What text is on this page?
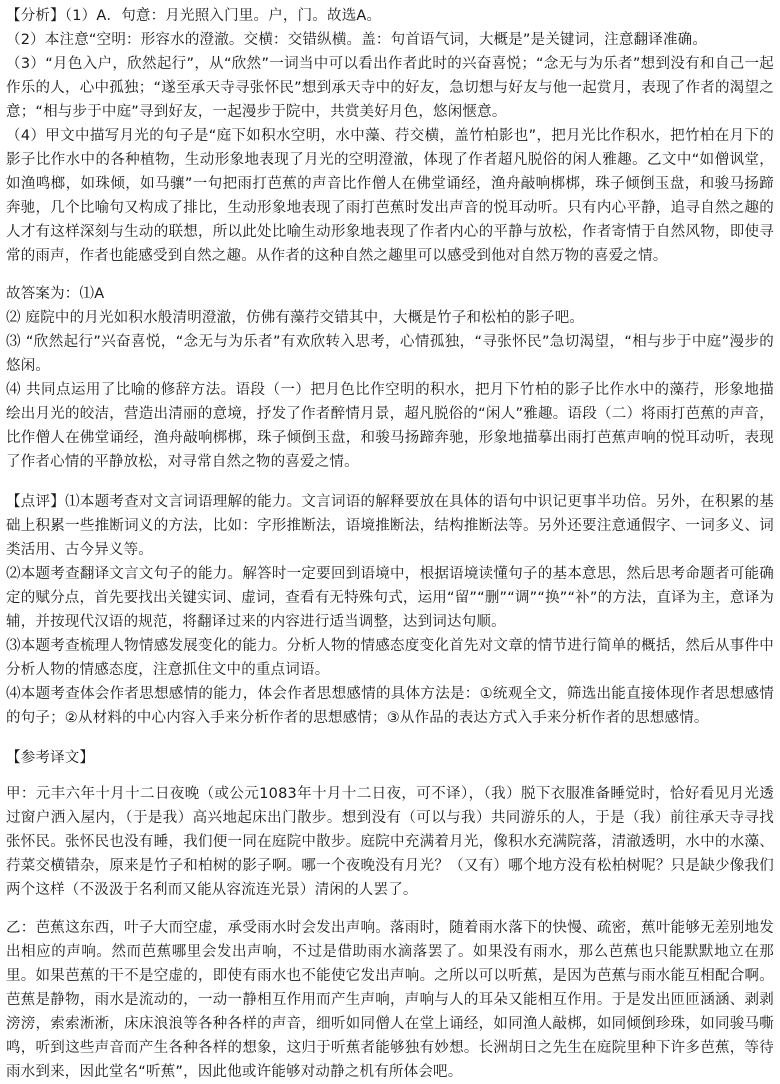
【分析】（1）A．句意：月光照入门里。户，门。故选A。

（2）本注意“空明：形容水的澄澈。交横：交错纵横。盖：句首语气词，大概是”是关键词，注意翻译准确。

（3）“月色入户，欣然起行”，从“欣然”一词当中可以看出作者此时的兴奋喜悦；“念无与为乐者”想到没有和自己一起作乐的人，心中孤独；“遂至承天寺寻张怀民”想到承天寺中的好友，急切想与好友与他一起赏月，表现了作者的渴望之意；“相与步于中庭”寻到好友，一起漫步于院中，共赏美好月色，悠闲惬意。

（4）甲文中描写月光的句子是“庭下如积水空明，水中藻、荇交横，盖竹柏影也”，把月光比作积水，把竹柏在月下的影子比作水中的各种植物，生动形象地表现了月光的空明澄澈，体现了作者超凡脱俗的闲人雅趣。乙文中“如僧讽堂，如渔鸣榔，如珠倾，如马骧”一句把雨打芭蕉的声音比作僧人在佛堂诵经，渔舟敲响梆梆，珠子倾倒玉盘，和骏马扬蹄奔驰，几个比喻句又构成了排比，生动形象地表现了雨打芭蕉时发出声音的悦耳动听。只有内心平静，追寻自然之趣的人才有这样深刻与生动的联想，所以此处比喻生动形象地表现了作者内心的平静与放松，作者寄情于自然风物，即使寻常的雨声，作者也能感受到自然之趣。从作者的这种自然之趣里可以感受到他对自然万物的喜爱之情。

故答案为：⑴A

⑵ 庭院中的月光如积水般清明澄澈，仿佛有藻荇交错其中，大概是竹子和松柏的影子吧。

⑶ “欣然起行”兴奋喜悦，“念无与为乐者”有欢欣转入思考，心情孤独，“寻张怀民”急切渴望，“相与步于中庭”漫步的悠闲。

⑷ 共同点运用了比喻的修辞方法。语段（一）把月色比作空明的积水，把月下竹柏的影子比作水中的藻荇，形象地描绘出月光的皎洁，营造出清丽的意境，抒发了作者醉情月景，超凡脱俗的“闲人”雅趣。语段（二）将雨打芭蕉的声音，比作僧人在佛堂诵经，渔舟敲响梆梆，珠子倾倒玉盘，和骏马扬蹄奔驰，形象地描摹出雨打芭蕉声响的悦耳动听，表现了作者心情的平静放松，对寻常自然之物的喜爱之情。

【点评】⑴本题考查对文言词语理解的能力。文言词语的解释要放在具体的语句中识记更事半功倍。另外，在积累的基础上积累一些推断词义的方法，比如：字形推断法，语境推断法，结构推断法等。另外还要注意通假字、一词多义、词类活用、古今异义等。

⑵本题考查翻译文言文句子的能力。解答时一定要回到语境中，根据语境读懂句子的基本意思，然后思考命题者可能确定的赋分点，首先要找出关键实词、虚词，查看有无特殊句式，运用“留”“删”“调”“换”“补”的方法，直译为主，意译为辅，并按现代汉语的规范，将翻译过来的内容进行适当调整，达到词达句顺。

⑶本题考查梳理人物情感发展变化的能力。分析人物的情感态度变化首先对文章的情节进行简单的概括，然后从事件中分析人物的情感态度，注意抓住文中的重点词语。

⑷本题考查体会作者思想感情的能力，体会作者思想感情的具体方法是：①统观全文，筛选出能直接体现作者思想感情的句子；②从材料的中心内容入手来分析作者的思想感情；③从作品的表达方式入手来分析作者的思想感情。

【参考译文】

甲：元丰六年十月十二日夜晚（或公元1083年十月十二日夜，可不译），（我）脱下衣服准备睡觉时，恰好看见月光透过窗户洒入屋内，（于是我）高兴地起床出门散步。想到没有（可以与我）共同游乐的人，于是（我）前往承天寺寻找张怀民。张怀民也没有睡，我们便一同在庭院中散步。庭院中充满着月光，像积水充满院落，清澈透明，水中的水藻、荇菜交横错杂，原来是竹子和柏树的影子啊。哪一个夜晚没有月光？（又有）哪个地方没有松柏树呢？只是缺少像我们两个这样（不汲汲于名利而又能从容流连光景）清闲的人罢了。

乙：芭蕉这东西，叶子大而空虚，承受雨水时会发出声响。落雨时，随着雨水落下的快慢、疏密，蕉叶能够无差别地发出相应的声响。然而芭蕉哪里会发出声响，不过是借助雨水滴落罢了。如果没有雨水，那么芭蕉也只能默默地立在那里。如果芭蕉的干不是空虚的，即使有雨水也不能使它发出声响。之所以可以听蕉，是因为芭蕉与雨水能互相配合啊。芭蕉是静物，雨水是流动的，一动一静相互作用而产生声响，声响与人的耳朵又能相互作用。于是发出匝匝涵涵、剥剥滂滂，索索淅淅，床床浪浪等各种各样的声音，细听如同僧人在堂上诵经，如同渔人敲梆，如同倾倒珍珠，如同骏马嘶鸣，听到这些声音而产生各种各样的想象，这归于听蕉者能够独有妙想。长洲胡日之先生在庭院里种下许多芭蕉，等待雨水到来，因此堂名“听蕉”，因此他或许能够对动静之机有所体会吧。
